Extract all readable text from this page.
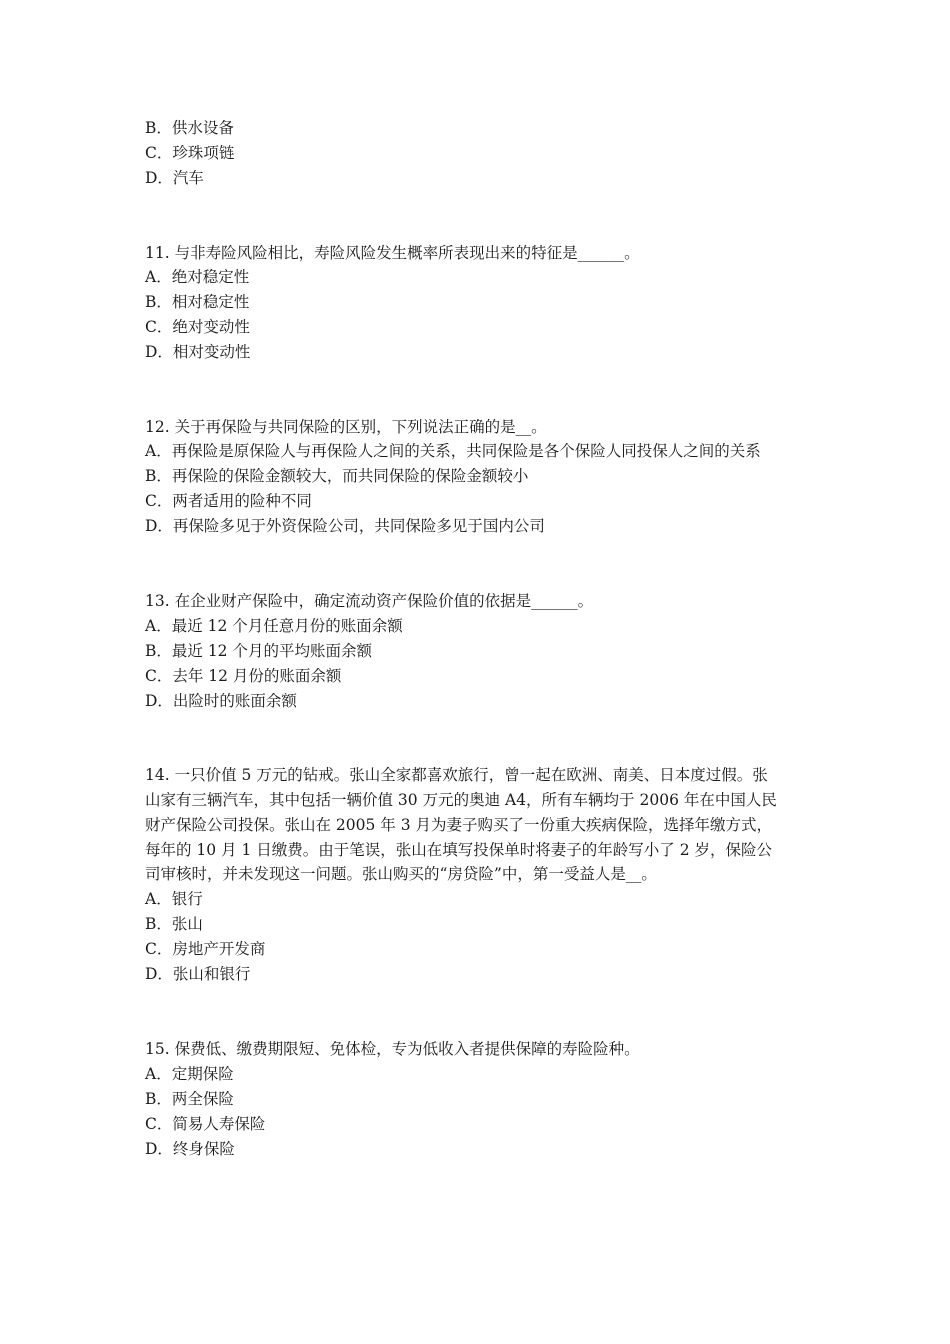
B．供水设备
C．珍珠项链
D．汽车
11. 与非寿险风险相比，寿险风险发生概率所表现出来的特征是______。
A．绝对稳定性
B．相对稳定性
C．绝对变动性
D．相对变动性
12. 关于再保险与共同保险的区别，下列说法正确的是__。
A．再保险是原保险人与再保险人之间的关系，共同保险是各个保险人同投保人之间的关系
B．再保险的保险金额较大，而共同保险的保险金额较小
C．两者适用的险种不同
D．再保险多见于外资保险公司，共同保险多见于国内公司
13. 在企业财产保险中，确定流动资产保险价值的依据是______。
A．最近 12 个月任意月份的账面余额
B．最近 12 个月的平均账面余额
C．去年 12 月份的账面余额
D．出险时的账面余额
14. 一只价值 5 万元的钻戒。张山全家都喜欢旅行，曾一起在欧洲、南美、日本度过假。张
山家有三辆汽车，其中包括一辆价值 30 万元的奥迪 A4，所有车辆均于 2006 年在中国人民
财产保险公司投保。张山在 2005 年 3 月为妻子购买了一份重大疾病保险，选择年缴方式，
每年的 10 月 1 日缴费。由于笔误，张山在填写投保单时将妻子的年龄写小了 2 岁，保险公
司审核时，并未发现这一问题。张山购买的“房贷险”中，第一受益人是__。
A．银行
B．张山
C．房地产开发商
D．张山和银行
15. 保费低、缴费期限短、免体检，专为低收入者提供保障的寿险险种。
A．定期保险
B．两全保险
C．简易人寿保险
D．终身保险
